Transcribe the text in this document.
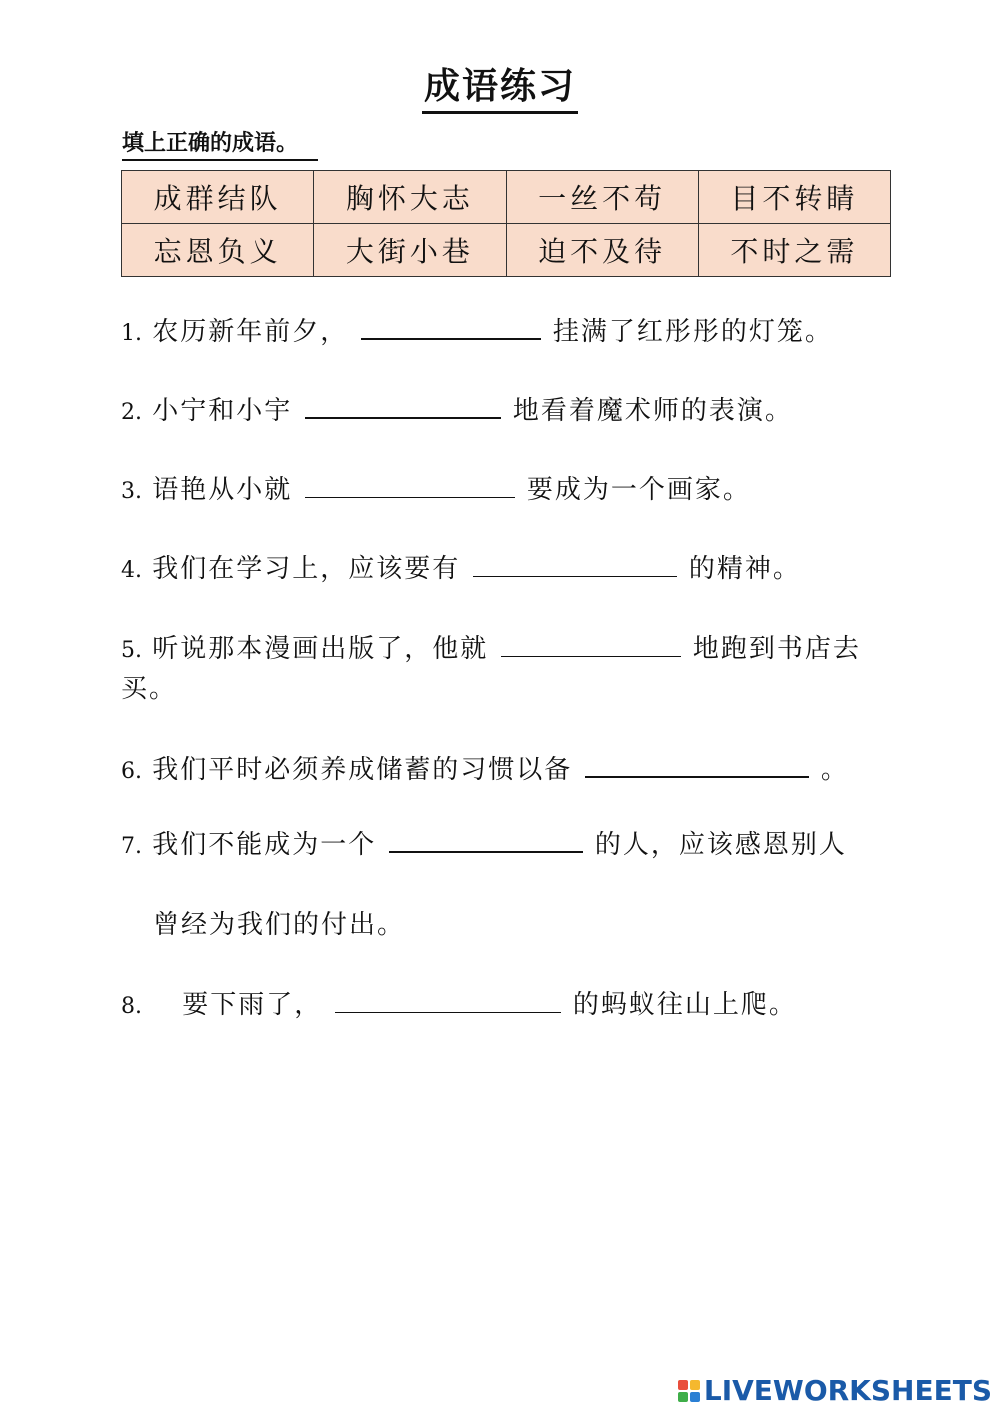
成语练习
填上正确的成语。
成群结队	胸怀大志	一丝不苟	目不转睛
忘恩负义	大街小巷	迫不及待	不时之需
1. 农历新年前夕，	挂满了红彤彤的灯笼。
2. 小宁和小宇	地看着魔术师的表演。
3. 语艳从小就	要成为一个画家。
4. 我们在学习上，应该要有	的精神。
5. 听说那本漫画出版了，他就	地跑到书店去买。
6. 我们平时必须养成储蓄的习惯以备	。
7. 我们不能成为一个	的人，应该感恩别人
曾经为我们的付出。
8. 要下雨了，	的蚂蚁往山上爬。
LIVEWORKSHEETS
